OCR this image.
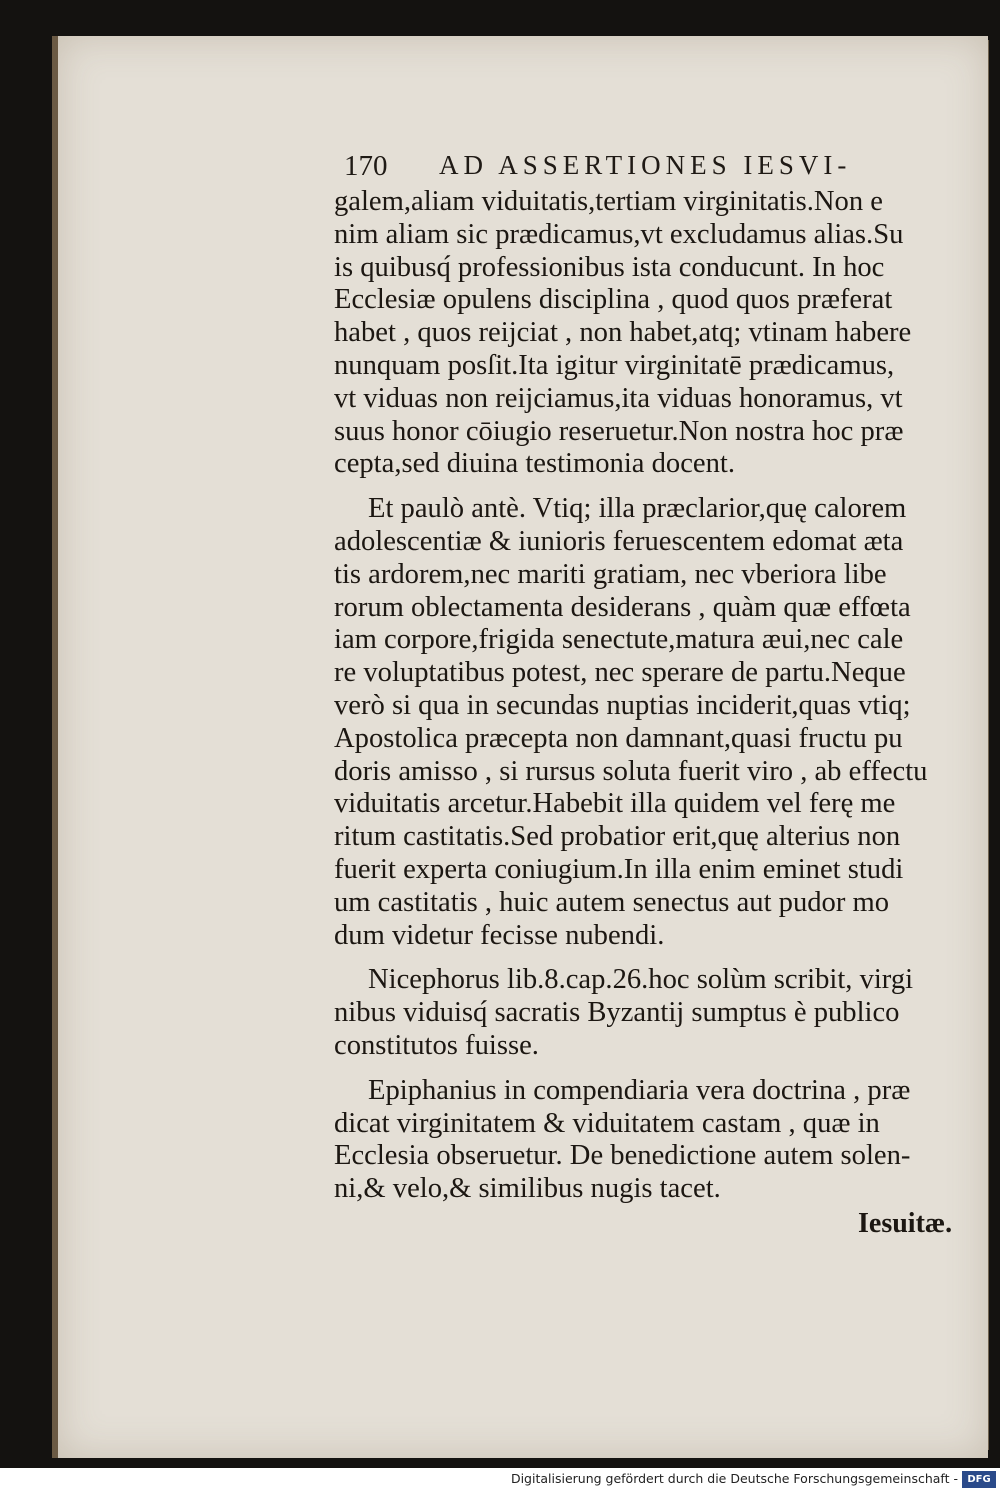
170 AD ASSERTIONES IESVI-
galem,aliam viduitatis,tertiam virginitatis.Non e
nim aliam sic prædicamus,vt excludamus alias.Su
is quibusq́ professionibus ista conducunt. In hoc
Ecclesiæ opulens disciplina , quod quos præferat
habet , quos reijciat , non habet,atq; vtinam habere
nunquam posſit.Ita igitur virginitatē prædicamus,
vt viduas non reijciamus,ita viduas honoramus, vt
suus honor cōiugio reseruetur.Non nostra hoc præ
cepta,sed diuina testimonia docent.
Et paulò antè. Vtiq; illa præclarior,quę calorem
adolescentiæ & iunioris feruescentem edomat æta
tis ardorem,nec mariti gratiam, nec vberiora libe
rorum oblectamenta desiderans , quàm quæ effœta
iam corpore,frigida senectute,matura æui,nec cale
re voluptatibus potest, nec sperare de partu.Neque
verò si qua in secundas nuptias inciderit,quas vtiq;
Apostolica præcepta non damnant,quasi fructu pu
doris amisso , si rursus soluta fuerit viro , ab effectu
viduitatis arcetur.Habebit illa quidem vel ferę me
ritum castitatis.Sed probatior erit,quę alterius non
fuerit experta coniugium.In illa enim eminet studi
um castitatis , huic autem senectus aut pudor mo
dum videtur fecisse nubendi.
Nicephorus lib.8.cap.26.hoc solùm scribit, virgi
nibus viduisq́ sacratis Byzantij sumptus è publico
constitutos fuisse.
Epiphanius in compendiaria vera doctrina , præ
dicat virginitatem & viduitatem castam , quæ in
Ecclesia obseruetur. De benedictione autem solen-
ni,& velo,& similibus nugis tacet.
Iesuitæ.
Digitalisierung gefördert durch die Deutsche Forschungsgemeinschaft - DFG
